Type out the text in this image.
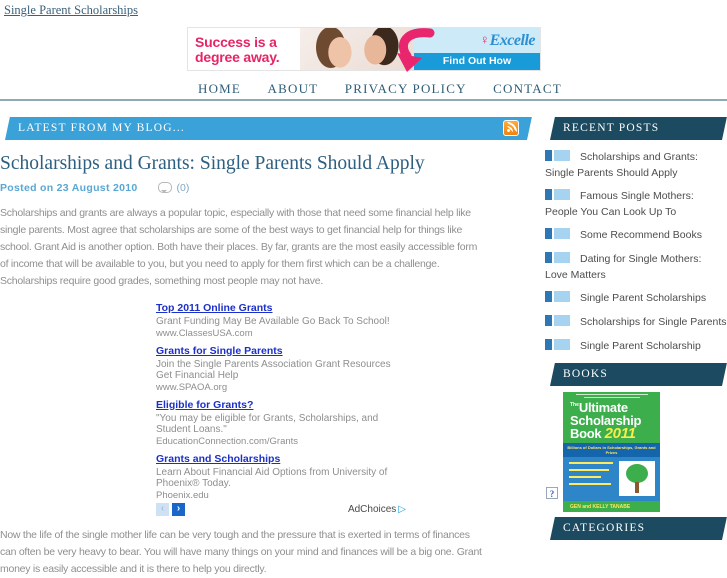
Single Parent Scholarships
Success is a
degree away.
♀Excelle
Find Out How
HOME ABOUT PRIVACY POLICY CONTACT
LATEST FROM MY BLOG...
Scholarships and Grants: Single Parents Should Apply
Posted on 23 August 2010	(0)
Scholarships and grants are always a popular topic, especially with those that need some financial help like
single parents. Most agree that scholarships are some of the best ways to get financial help for things like
school. Grant Aid is another option. Both have their places. By far, grants are the most easily accessible form
of income that will be available to you, but you need to apply for them first which can be a challenge.
Scholarships require good grades, something most people may not have.
Top 2011 Online Grants
Grant Funding May Be Available Go Back To School!
www.ClassesUSA.com
Grants for Single Parents
Join the Single Parents Association Grant Resources Get Financial Help
www.SPAOA.org
Eligible for Grants?
"You may be eligible for Grants, Scholarships, and Student Loans."
EducationConnection.com/Grants
Grants and Scholarships
Learn About Financial Aid Options from University of Phoenix® Today.
Phoenix.edu
‹	›	AdChoices ▷
Now the life of the single mother life can be very tough and the pressure that is exerted in terms of finances
can often be very heavy to bear. You will have many things on your mind and finances will be a big one. Grant
money is easily accessible and it is there to help you directly.
RECENT POSTS
Scholarships and Grants: Single Parents Should Apply
Famous Single Mothers: People You Can Look Up To
Some Recommend Books
Dating for Single Mothers: Love Matters
Single Parent Scholarships
Scholarships for Single Parents
Single Parent Scholarship
BOOKS
$^{The}$Ultimate
Scholarship
Book 2011
Billions of Dollars in Scholarships, Grants and Prizes
GEN and KELLY TANABE
?
CATEGORIES
